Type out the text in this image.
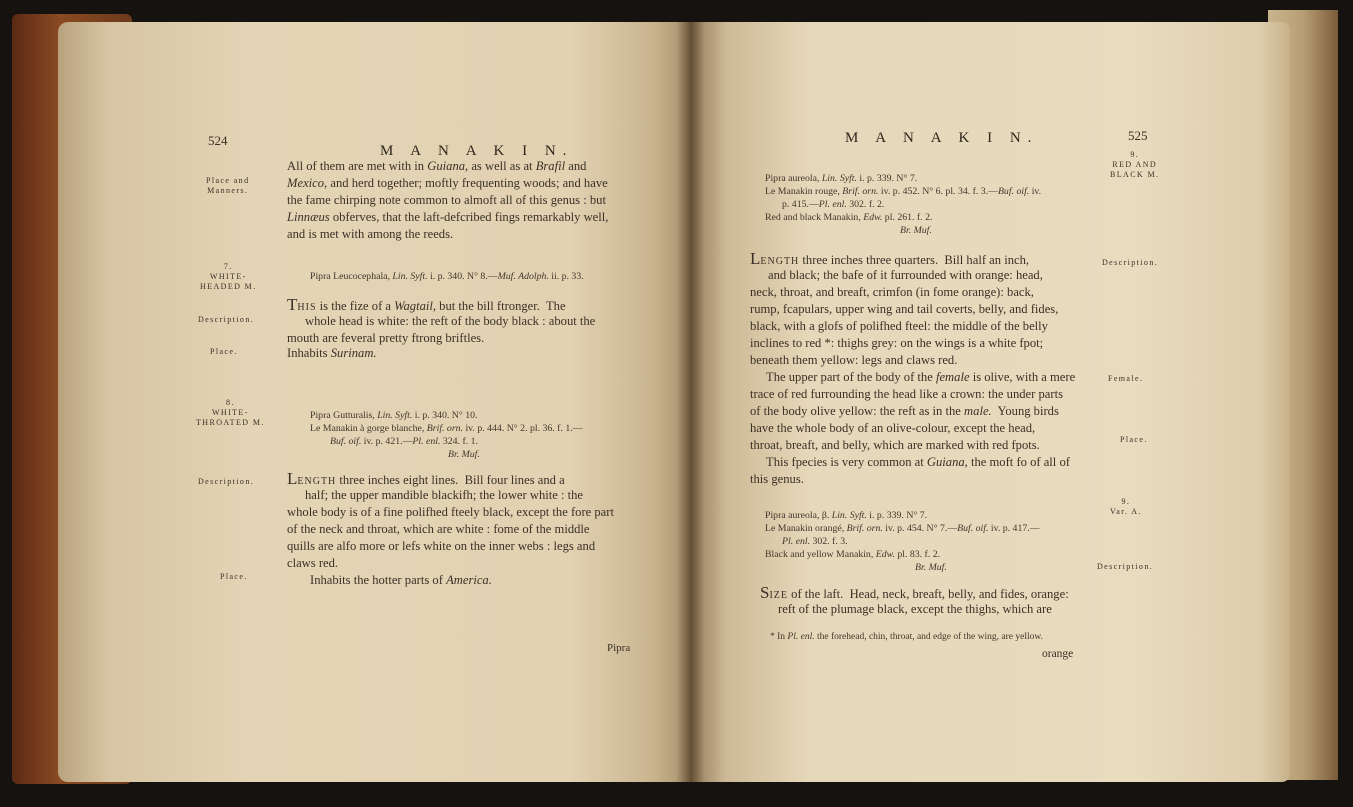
524
M A N A K I N.
Place and
Manners.
All of them are met with in Guiana, as well as at Brafil and
Mexico, and herd together; moftly frequenting woods; and have
the fame chirping note common to almoft all of this genus : but
Linnæus obferves, that the laft-defcribed fings remarkably well,
and is met with among the reeds.
7.
WHITE-
HEADED M.
Pipra Leucocephala, Lin. Syft. i. p. 340. N° 8.—Muf. Adolph. ii. p. 33.
Description.
THIS is the fize of a Wagtail, but the bill ftronger.  The
whole head is white: the reft of the body black : about the
mouth are feveral pretty ftrong briftles.
Place.	Inhabits Surinam.
8.
WHITE-
THROATED M.
Pipra Gutturalis, Lin. Syft. i. p. 340. N° 10.
Le Manakin à gorge blanche, Brif. orn. iv. p. 444. N° 2. pl. 36. f. 1.—
Buf. oif. iv. p. 421.—Pl. enl. 324. f. 1.
Br. Muf.
Description. LENGTH three inches eight lines.  Bill four lines and a
half; the upper mandible blackifh; the lower white : the
whole body is of a fine polifhed fteely black, except the fore part
of the neck and throat, which are white : fome of the middle
quills are alfo more or lefs white on the inner webs : legs and
claws red.
Place.	Inhabits the hotter parts of America.
Pipra
M A N A K I N.	525
9.
RED AND
BLACK M.
Pipra aureola, Lin. Syft. i. p. 339. N° 7.
Le Manakin rouge, Brif. orn. iv. p. 452. N° 6. pl. 34. f. 3.—Buf. oif. iv.
p. 415.—Pl. enl. 302. f. 2.
Red and black Manakin, Edw. pl. 261. f. 2.
Br. Muf.
Description.
LENGTH three inches three quarters.  Bill half an inch,
and black; the bafe of it furrounded with orange: head,
neck, throat, and breaft, crimfon (in fome orange): back,
rump, fcapulars, upper wing and tail coverts, belly, and fides,
black, with a glofs of polifhed fteel: the middle of the belly
inclines to red *: thighs grey: on the wings is a white fpot;
beneath them yellow: legs and claws red.
Female.
The upper part of the body of the female is olive, with a mere
trace of red furrounding the head like a crown: the under parts
of the body olive yellow: the reft as in the male.  Young birds
have the whole body of an olive-colour, except the head,
throat, breaft, and belly, which are marked with red fpots.	Place.
This fpecies is very common at Guiana, the moft fo of all of
this genus.
9.
Var. A.
Pipra aureola, β. Lin. Syft. i. p. 339. N° 7.
Le Manakin orangé, Brif. orn. iv. p. 454. N° 7.—Buf. oif. iv. p. 417.—
Pl. enl. 302. f. 3.
Black and yellow Manakin, Edw. pl. 83. f. 2.
Br. Muf.	Description.
SIZE of the laft.  Head, neck, breaft, belly, and fides, orange:
reft of the plumage black, except the thighs, which are
* In Pl. enl. the forehead, chin, throat, and edge of the wing, are yellow.
orange
